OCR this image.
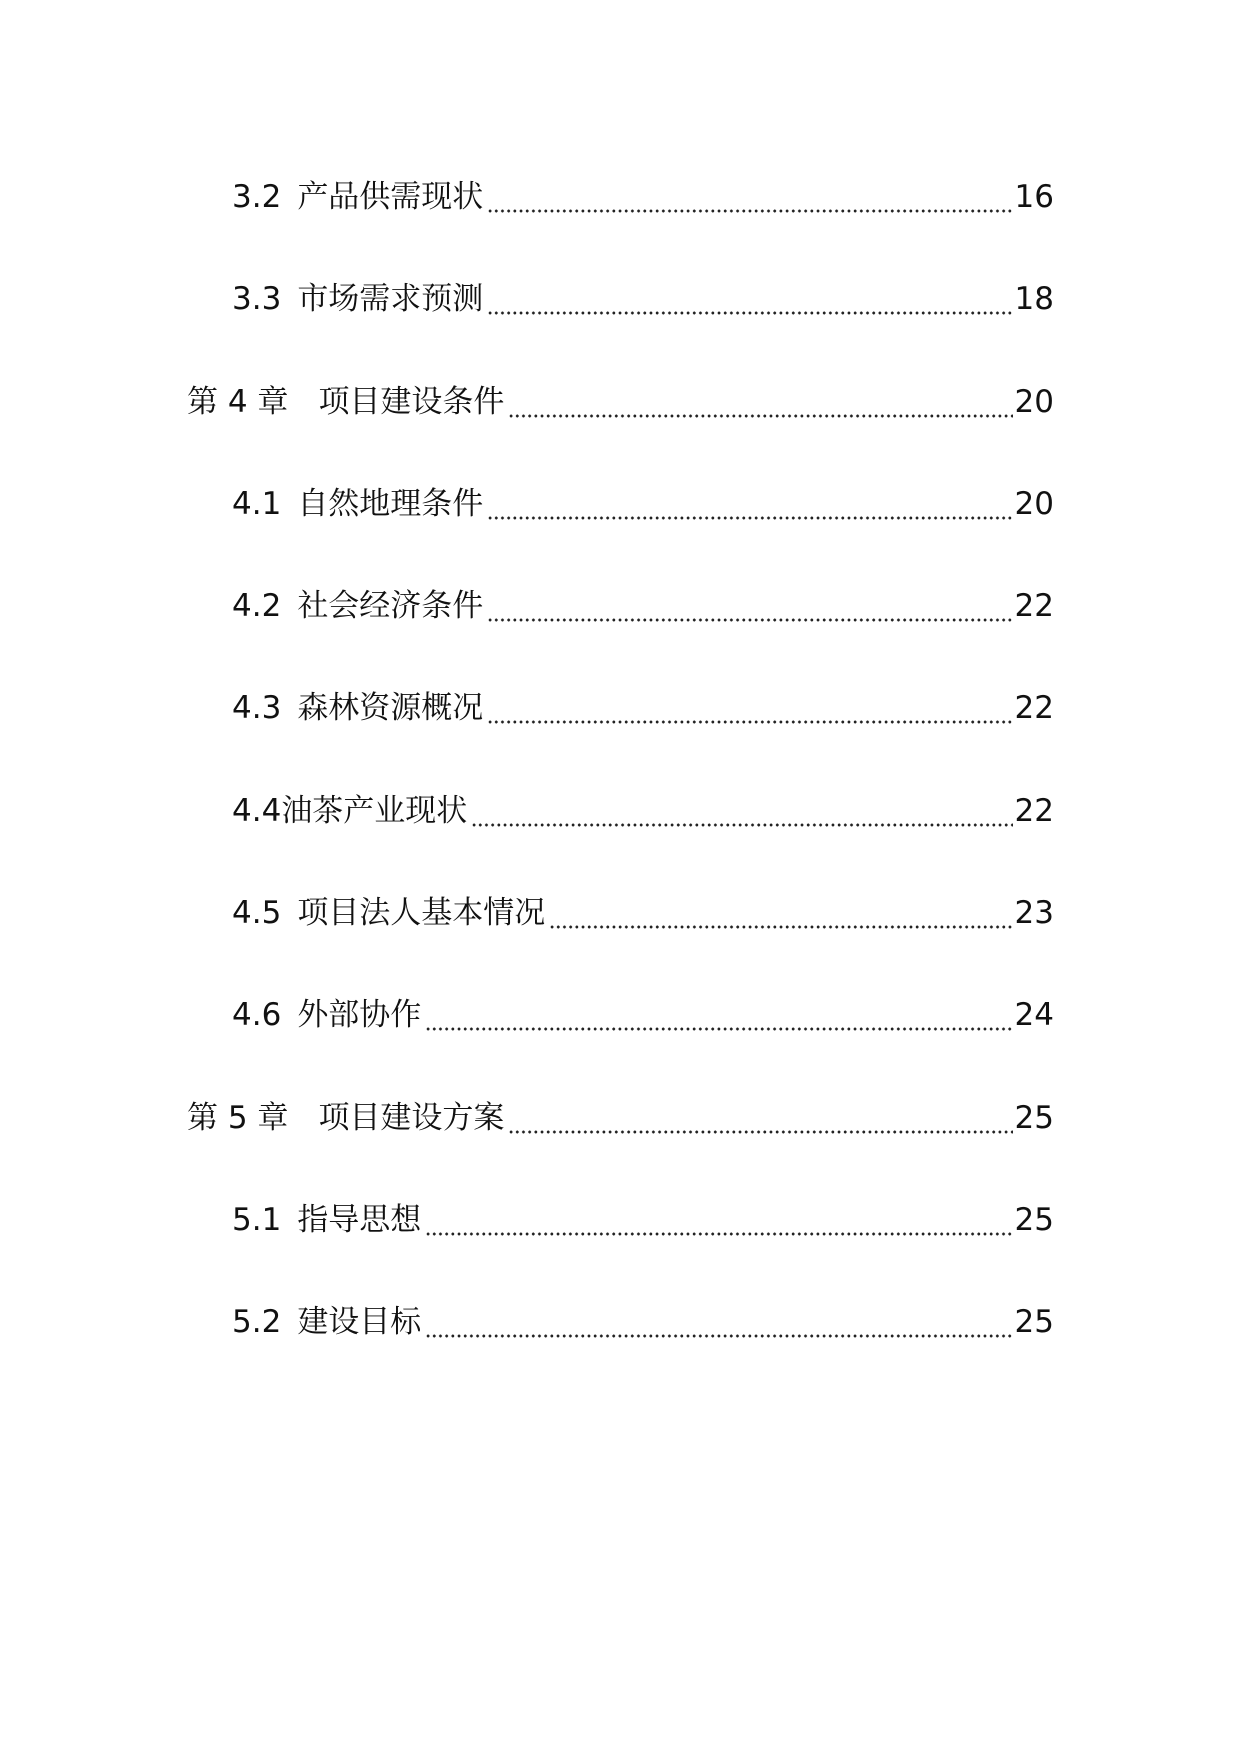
3.2 产品供需现状	16
3.3 市场需求预测	18
第 4 章 项目建设条件	20
4.1 自然地理条件	20
4.2 社会经济条件	22
4.3 森林资源概况	22
4.4 油茶产业现状	22
4.5 项目法人基本情况	23
4.6 外部协作	24
第 5 章 项目建设方案	25
5.1 指导思想	25
5.2 建设目标	25
